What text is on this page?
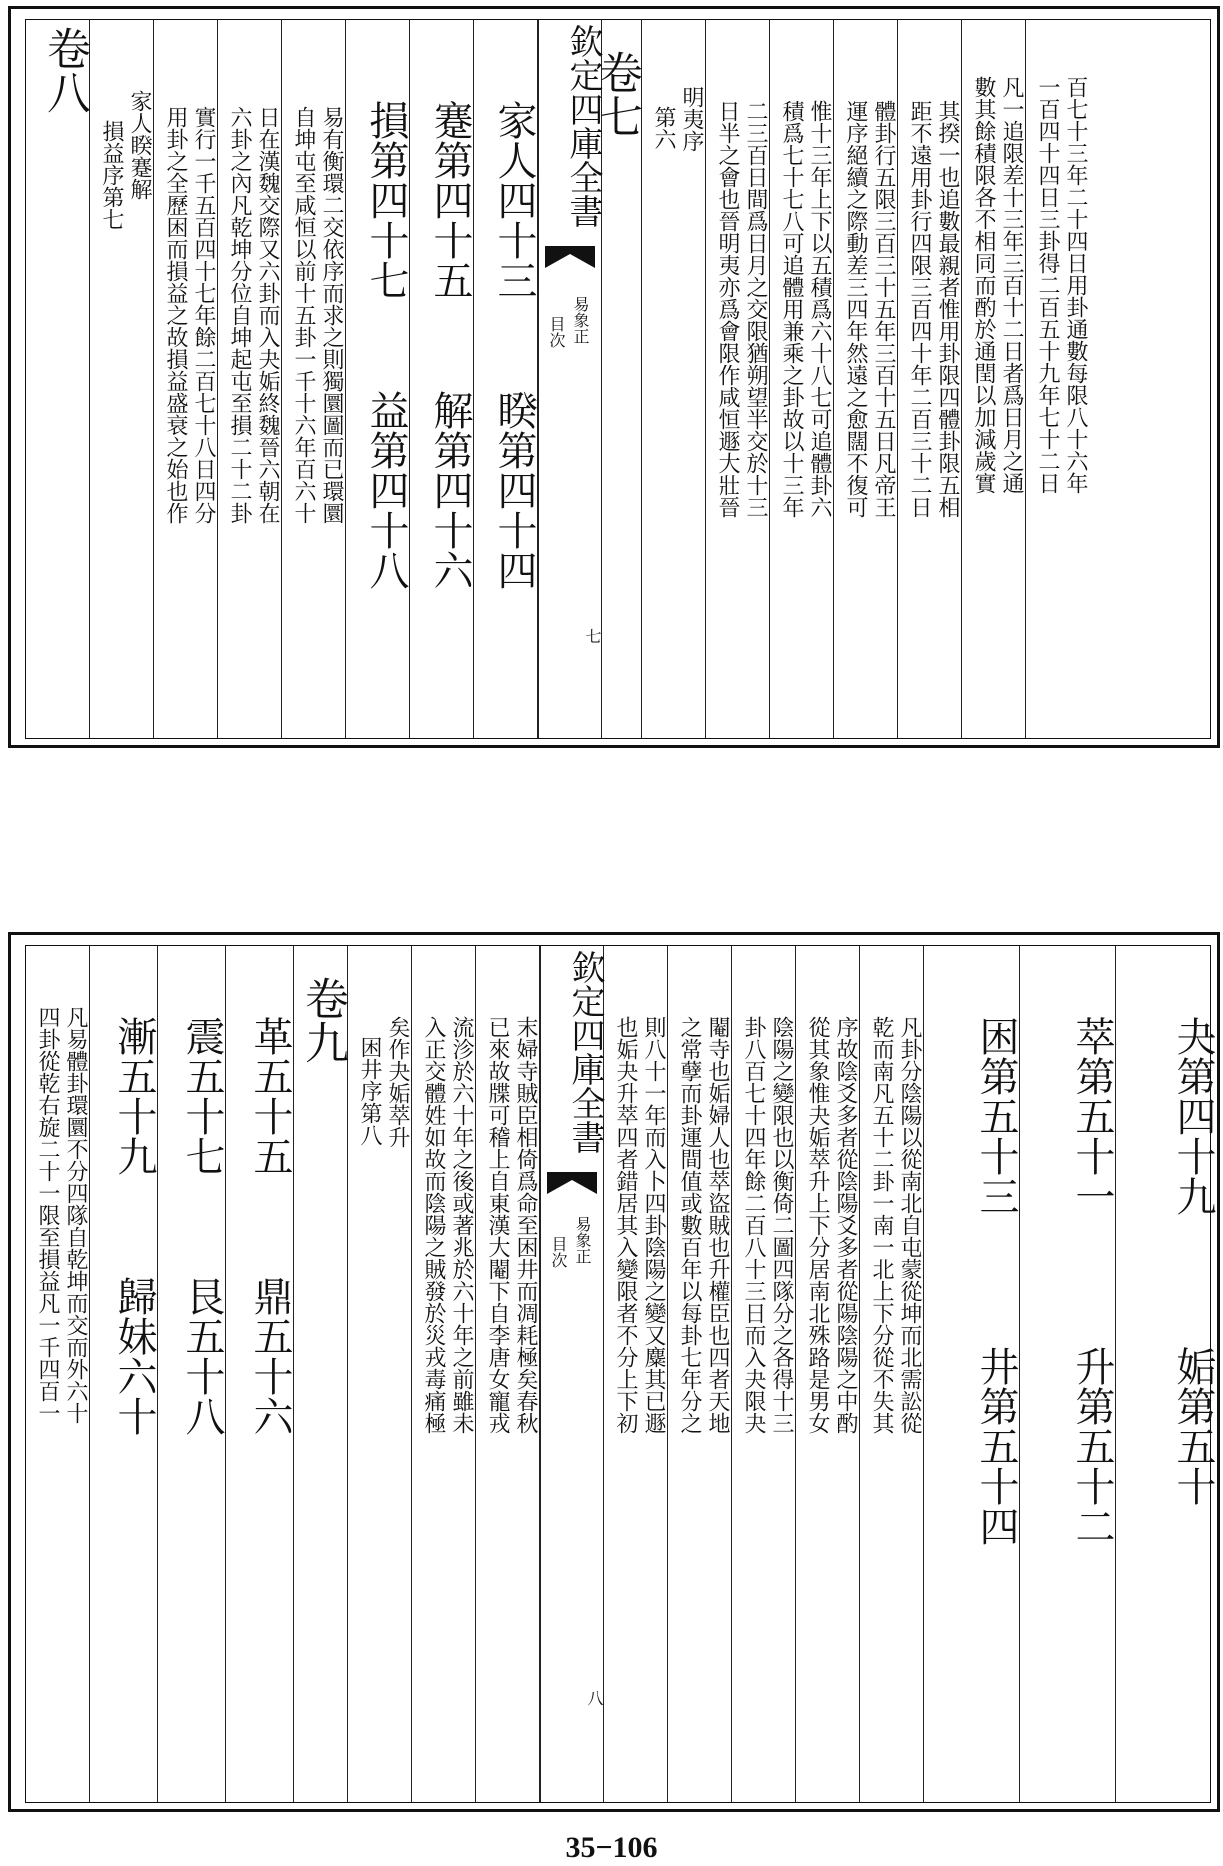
卷八
損益序第七 家人睽蹇解 用卦之全歷困而損益之故損益盛衰之始也作 實行一千五百四十七年餘二百七十八日四分 六卦之內凡乾坤分位自坤起屯至損二十二卦 日在漢魏交際又六卦而入夬姤終魏晉六朝在 自坤屯至咸恒以前十五卦一千十六年百六十 易有衡環二交依序而求之則獨圜圖而已環圜 損第四十七
益第四十八
蹇第四十五
解第四十六
家人四十三
睽第四十四
欽定四庫全書
易象正
目次
七
卷七 第六 明夷序 日半之會也晉明夷亦爲會限作咸恒遯大壯晉 二三百日間爲日月之交限猶朔望半交於十三 積爲七十七八可追體用兼乘之卦故以十三年 惟十三年上下以五積爲六十八七可追體卦六 運序絕續之際動差三四年然遠之愈闊不復可 體卦行五限三百三十五年三百十五日凡帝王 距不遠用卦行四限三百四十年二百三十二日 其揆一也追數最親者惟用卦限四體卦限五相 數其餘積限各不相同而酌於通閏以加減歲實 凡一追限差十三年三百十二日者爲日月之通 一百四十四日三卦得二百五十九年七十二日 百七十三年二十四日用卦通數每限八十六年
四卦從乾右旋二十一限至損益凡一千四百一 凡易體卦環圜不分四隊自乾坤而交而外六十 漸五十九
歸妹六十
震五十七
艮五十八
革五十五
鼎五十六
卷九
困井序第八 矣作夬姤萃升 入正交體姓如故而陰陽之賊發於災戎毒痛極 流沴於六十年之後或著兆於六十年之前雖未 已來故牒可稽上自東漢大閹下自李唐女寵戎 末婦寺賊臣相倚爲命至困井而凋耗極矣春秋 欽定四庫全書
易象正
目次
八
也姤夬升萃四者錯居其入變限者不分上下初 則八十一年而入卜四卦陰陽之變又麋其已遯 之常孽而卦運間值或數百年以每卦七年分之 閹寺也姤婦人也萃盜賊也升權臣也四者天地 卦八百七十四年餘二百八十三日而入夬限夬 陰陽之變限也以衡倚二圖四隊分之各得十三 從其象惟夬姤萃升上下分居南北殊路是男女 序故陰爻多者從陰陽爻多者從陽陰陽之中酌 乾而南凡五十二卦一南一北上下分從不失其 凡卦分陰陽以從南北自屯蒙從坤而北需訟從	困第五十三
井第五十四
萃第五十一
升第五十二
夬第四十九
姤第五十
35−106
